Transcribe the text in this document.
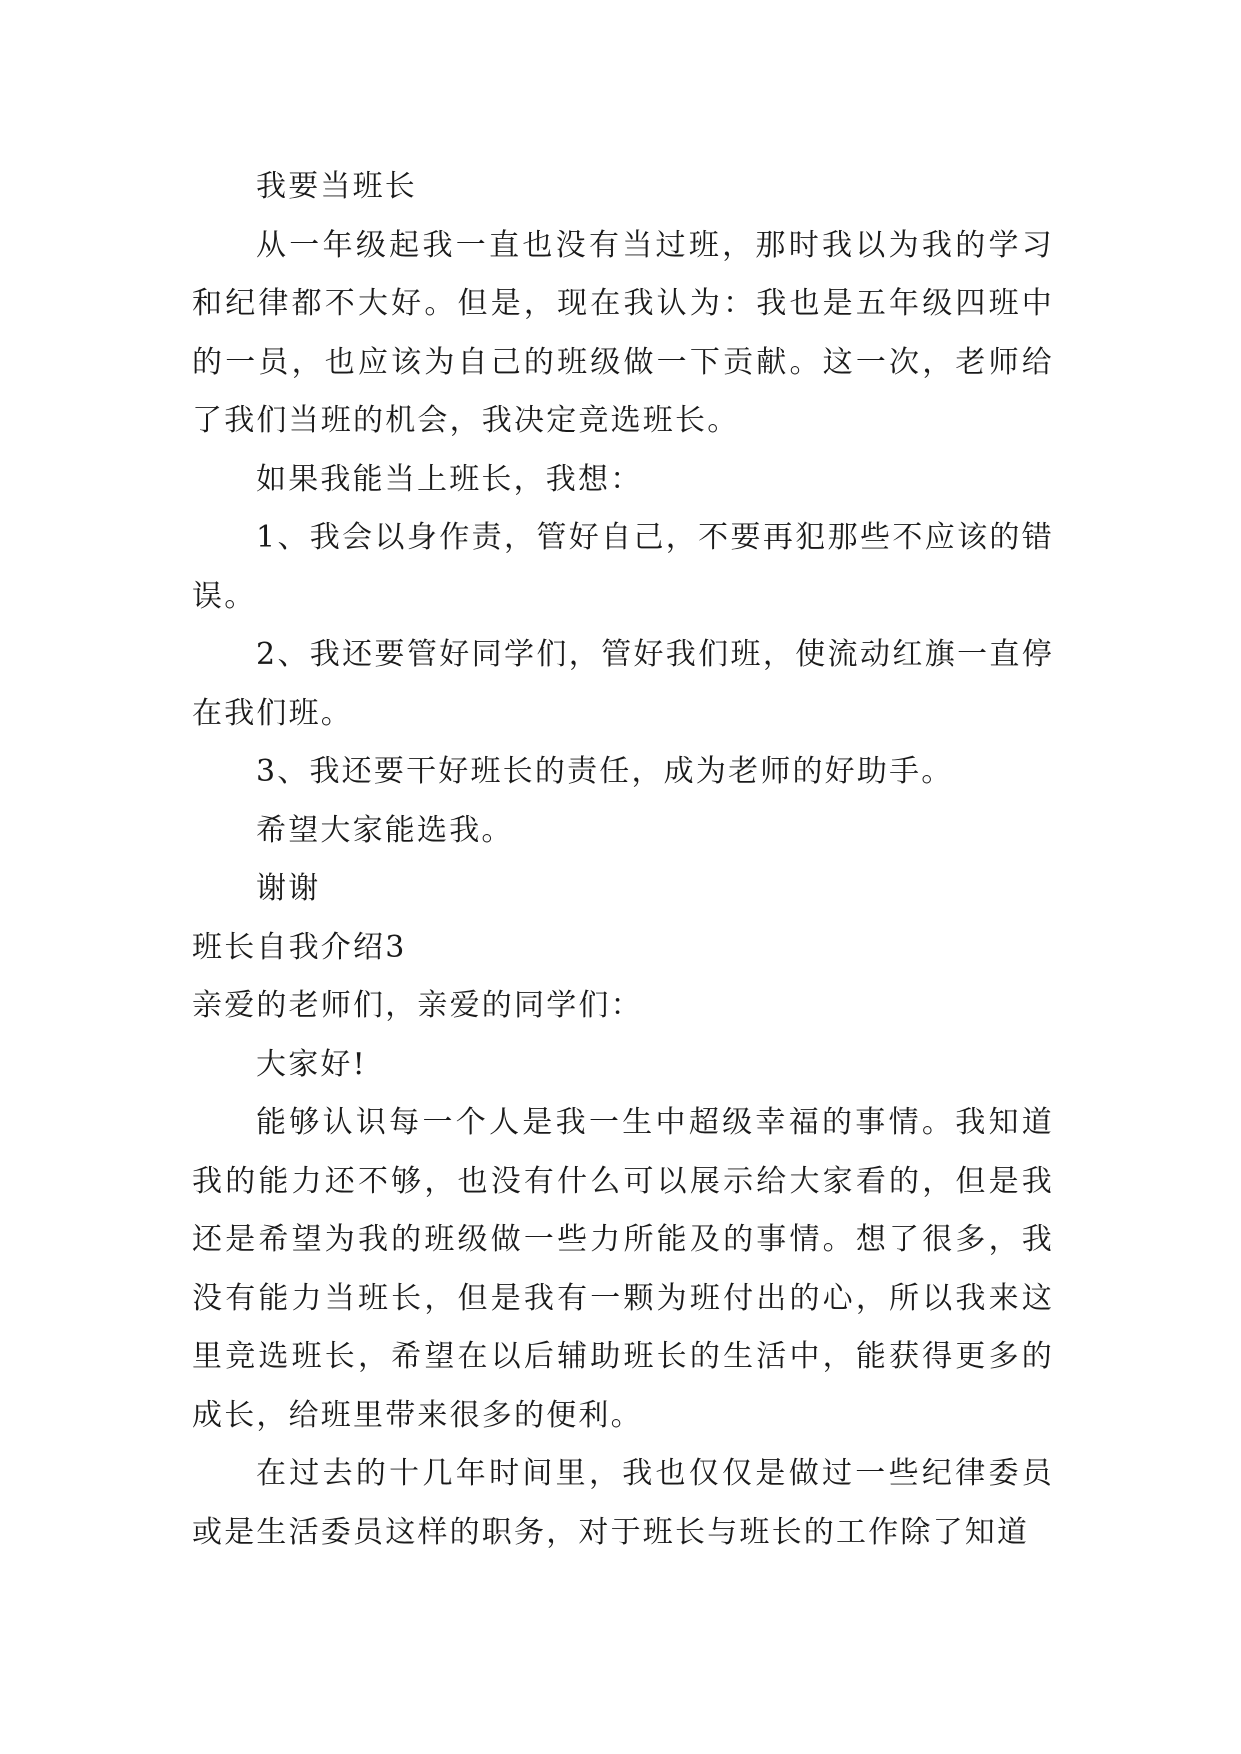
我要当班长

从一年级起我一直也没有当过班，那时我以为我的学习和纪律都不大好。但是，现在我认为：我也是五年级四班中的一员，也应该为自己的班级做一下贡献。这一次，老师给了我们当班的机会，我决定竞选班长。

如果我能当上班长，我想：

1、我会以身作责，管好自己，不要再犯那些不应该的错误。

2、我还要管好同学们，管好我们班，使流动红旗一直停在我们班。

3、我还要干好班长的责任，成为老师的好助手。

希望大家能选我。

谢谢

班长自我介绍3

亲爱的老师们，亲爱的同学们：

大家好!

能够认识每一个人是我一生中超级幸福的事情。我知道我的能力还不够，也没有什么可以展示给大家看的，但是我还是希望为我的班级做一些力所能及的事情。想了很多，我没有能力当班长，但是我有一颗为班付出的心，所以我来这里竞选班长，希望在以后辅助班长的生活中，能获得更多的成长，给班里带来很多的便利。

在过去的十几年时间里，我也仅仅是做过一些纪律委员或是生活委员这样的职务，对于班长与班长的工作除了知道
